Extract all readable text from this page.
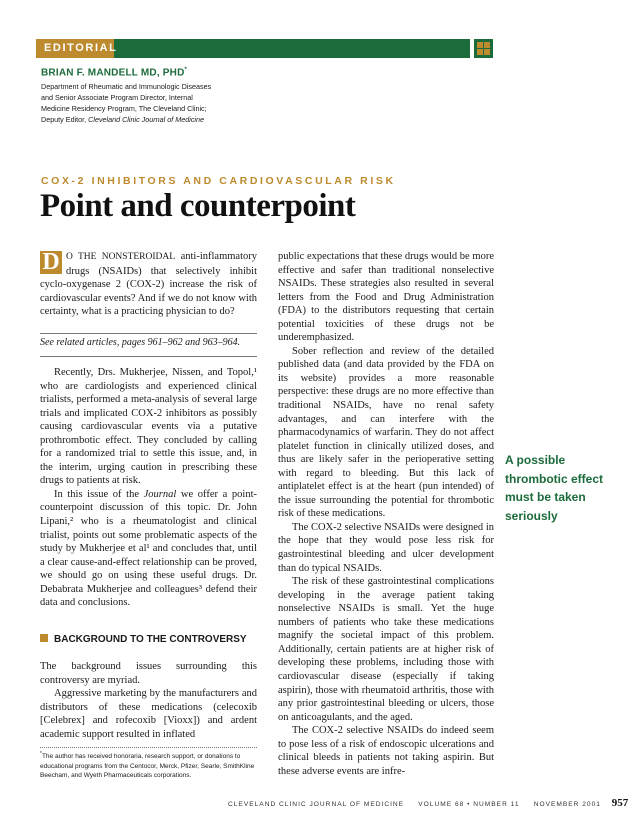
EDITORIAL
BRIAN F. MANDELL MD, PHD*
Department of Rheumatic and Immunologic Diseases
and Senior Associate Program Director, Internal
Medicine Residency Program, The Cleveland Clinic;
Deputy Editor, Cleveland Clinic Journal of Medicine
COX-2 INHIBITORS AND CARDIOVASCULAR RISK
Point and counterpoint
D O THE NONSTEROIDAL anti-inflammatory drugs (NSAIDs) that selectively inhibit cyclo-oxygenase 2 (COX-2) increase the risk of cardiovascular events? And if we do not know with certainty, what is a practicing physician to do?
See related articles, pages 961–962 and 963–964.

Recently, Drs. Mukherjee, Nissen, and Topol,¹ who are cardiologists and experienced clinical trialists, performed a meta-analysis of several large trials and implicated COX-2 inhibitors as possibly causing cardiovascular events via a putative prothrombotic effect. They concluded by calling for a randomized trial to settle this issue, and, in the interim, urging caution in prescribing these drugs to patients at risk.

In this issue of the Journal we offer a point-counterpoint discussion of this topic. Dr. John Lipani,² who is a rheumatologist and clinical trialist, points out some problematic aspects of the study by Mukherjee et al¹ and concludes that, until a clear cause-and-effect relationship can be proved, we should go on using these useful drugs. Dr. Debabrata Mukherjee and colleagues³ defend their data and conclusions.

BACKGROUND TO THE CONTROVERSY

The background issues surrounding this controversy are myriad.

Aggressive marketing by the manufacturers and distributors of these medications (celecoxib [Celebrex] and rofecoxib [Vioxx]) and ardent academic support resulted in inflated

*The author has received honoraria, research support, or donations to educational programs from the Centocor, Merck, Pfizer, Searle, SmithKline Beecham, and Wyeth Pharmaceuticals corporations.

public expectations that these drugs would be more effective and safer than traditional nonselective NSAIDs. These strategies also resulted in several letters from the Food and Drug Administration (FDA) to the distributors requesting that certain potential toxicities of these drugs not be underemphasized.

Sober reflection and review of the detailed published data (and data provided by the FDA on its website) provides a more reasonable perspective: these drugs are no more effective than traditional NSAIDs, have no renal safety advantages, and can interfere with the pharmacodynamics of warfarin. They do not affect platelet function in clinically utilized doses, and thus are likely safer in the perioperative setting with regard to bleeding. But this lack of antiplatelet effect is at the heart (pun intended) of the issue surrounding the potential for thrombotic risk of these medications.

The COX-2 selective NSAIDs were designed in the hope that they would pose less risk for gastrointestinal bleeding and ulcer development than do typical NSAIDs.

The risk of these gastrointestinal complications developing in the average patient taking nonselective NSAIDs is small. Yet the huge numbers of patients who take these medications magnify the societal impact of this problem. Additionally, certain patients are at higher risk of developing these problems, including those with cardiovascular disease (especially if taking aspirin), those with rheumatoid arthritis, those with any prior gastrointestinal bleeding or ulcers, those on anticoagulants, and the aged.

The COX-2 selective NSAIDs do indeed seem to pose less of a risk of endoscopic ulcerations and clinical bleeds in patients not taking aspirin. But these adverse events are infre-

A possible thrombotic effect must be taken seriously
CLEVELAND CLINIC JOURNAL OF MEDICINE VOLUME 68 • NUMBER 11 NOVEMBER 2001 957
